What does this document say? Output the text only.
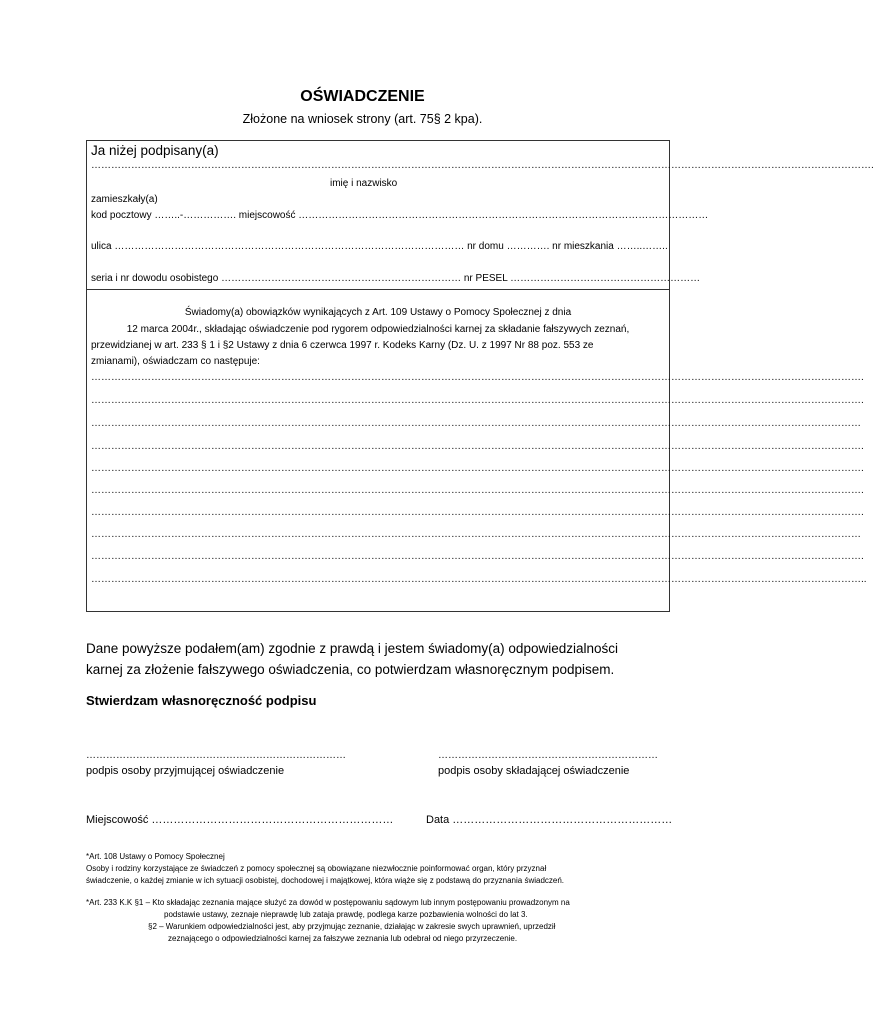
OŚWIADCZENIE
Złożone na wniosek strony (art. 75§ 2 kpa).
Ja niżej podpisany(a)
……………………………………………………………………………………………………………………………………………………………………………………………………………….
imię i nazwisko
zamieszkały(a)
kod pocztowy ……..-……………. miejscowość ……………………………………………………………………………………………………………
ulica …………………………………………………………………………………………… nr domu …………. nr mieszkania ……..……..
seria i nr dowodu osobistego ……………………………………………………………… nr PESEL …………………………………………………
Świadomy(a) obowiązków wynikających z Art. 109 Ustawy o Pomocy Społecznej z dnia
12 marca 2004r., składając oświadczenie pod rygorem odpowiedzialności karnej za składanie fałszywych zeznań,
przewidzianej w art. 233 § 1 i §2 Ustawy z dnia 6 czerwca 1997 r. Kodeks Karny (Dz. U. z 1997 Nr 88 poz. 553 ze
zmianami), oświadczam co następuje:
…………………………………………………………………………………………………………………………………………………………………………………………………………….
…………………………………………………………………………………………………………………………………………………………………………………………………………….
……………………………………………………………………………………………………………………………………………………………………………………………………………
…………………………………………………………………………………………………………………………………………………………………………………………………………….
…………………………………………………………………………………………………………………………………………………………………………………………………………….
…………………………………………………………………………………………………………………………………………………………………………………………………………….
…………………………………………………………………………………………………………………………………………………………………………………………………………….
……………………………………………………………………………………………………………………………………………………………………………………………………………
…………………………………………………………………………………………………………………………………………………………………………………………………………….
……………………………………………………………………………………………………………………………………………………………………………………………………………..
Dane powyższe podałem(am) zgodnie z prawdą i jestem świadomy(a) odpowiedzialności
karnej za złożenie fałszywego oświadczenia, co potwierdzam własnoręcznym podpisem.
Stwierdzam własnoręczność podpisu
……………………………………………………………………
podpis osoby przyjmującej oświadczenie
…………………………………………………………
podpis osoby składającej oświadczenie
Miejscowość …………………………………………………………	Data ……………………………………………………
*Art. 108 Ustawy o Pomocy Społecznej
Osoby i rodziny korzystające ze świadczeń z pomocy społecznej są obowiązane niezwłocznie poinformować organ, który przyznał
świadczenie, o każdej zmianie w ich sytuacji osobistej, dochodowej i majątkowej, która wiąże się z podstawą do przyznania świadczeń.
*Art. 233 K.K §1 – Kto składając zeznania mające służyć za dowód w postępowaniu sądowym lub innym postępowaniu prowadzonym na
podstawie ustawy, zeznaje nieprawdę lub zataja prawdę, podlega karze pozbawienia wolności do lat 3.
§2 – Warunkiem odpowiedzialności jest, aby przyjmując zeznanie, działając w zakresie swych uprawnień, uprzedził
zeznającego o odpowiedzialności karnej za fałszywe zeznania lub odebrał od niego przyrzeczenie.
